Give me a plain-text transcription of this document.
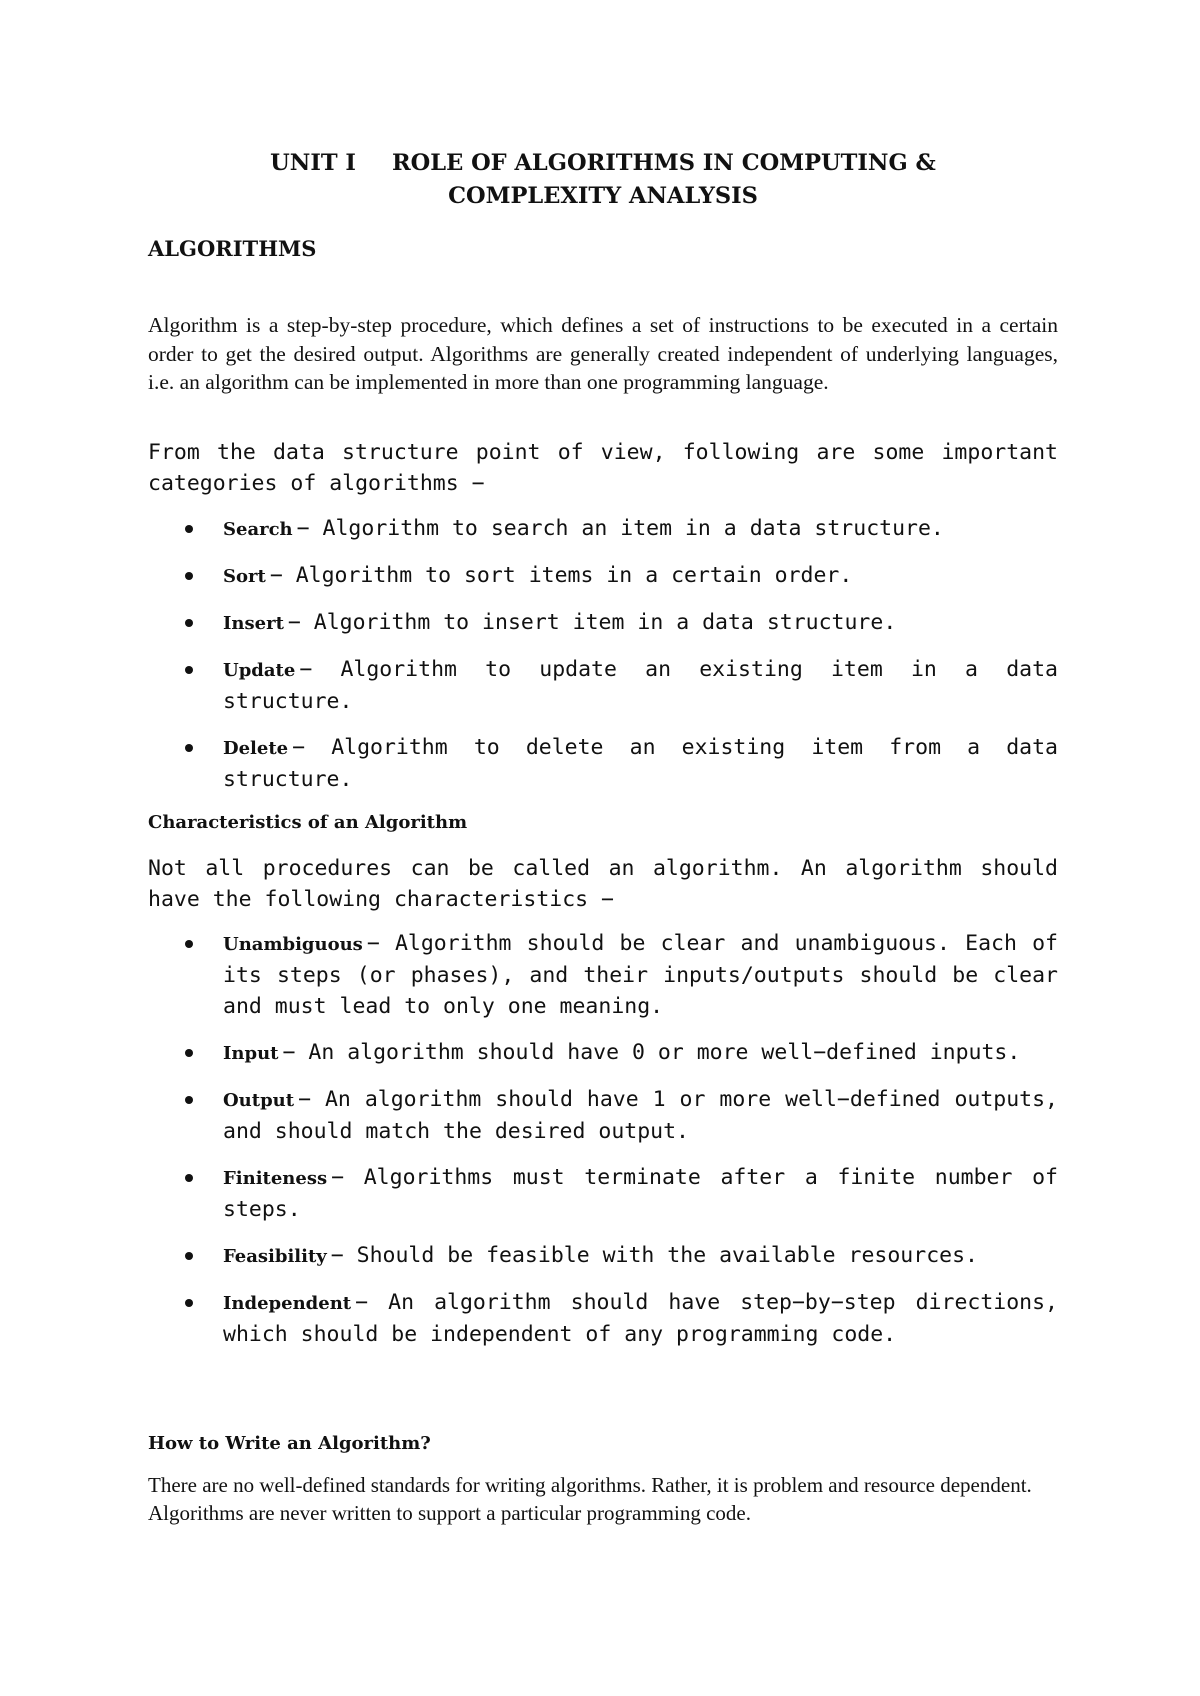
UNIT I ROLE OF ALGORITHMS IN COMPUTING &
COMPLEXITY ANALYSIS
ALGORITHMS

Algorithm is a step-by-step procedure, which defines a set of instructions to be executed in a certain order to get the desired output. Algorithms are generally created independent of underlying languages, i.e. an algorithm can be implemented in more than one programming language.

From the data structure point of view, following are some important categories of algorithms −

Search − Algorithm to search an item in a data structure.
Sort − Algorithm to sort items in a certain order.
Insert − Algorithm to insert item in a data structure.
Update − Algorithm to update an existing item in a data structure.
Delete − Algorithm to delete an existing item from a data structure.
Characteristics of an Algorithm

Not all procedures can be called an algorithm. An algorithm should have the following characteristics −

Unambiguous − Algorithm should be clear and unambiguous. Each of its steps (or phases), and their inputs/outputs should be clear and must lead to only one meaning.
Input − An algorithm should have 0 or more well−defined inputs.
Output − An algorithm should have 1 or more well−defined outputs, and should match the desired output.
Finiteness − Algorithms must terminate after a finite number of steps.
Feasibility − Should be feasible with the available resources.
Independent − An algorithm should have step−by−step directions, which should be independent of any programming code.
How to Write an Algorithm?

There are no well-defined standards for writing algorithms. Rather, it is problem and resource dependent. Algorithms are never written to support a particular programming code.
